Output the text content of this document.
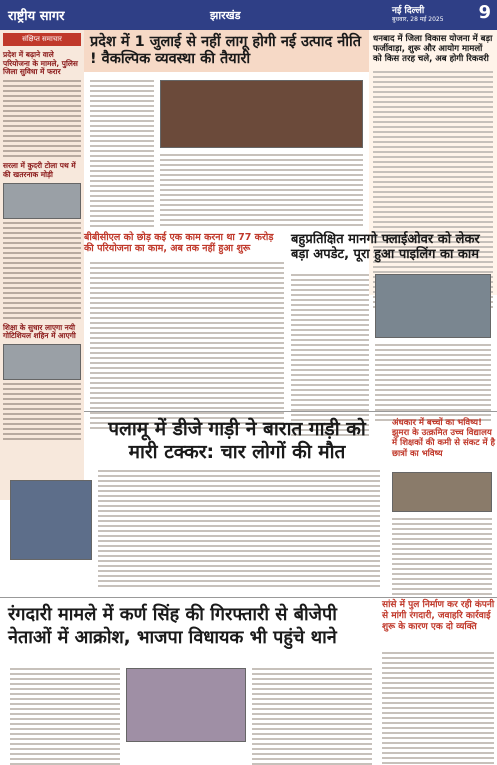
राष्ट्रीय सागर	झारखंड	नई दिल्ली
बुधवार, 28 मई 2025 9
संक्षिप्त समाचार
प्रदेश में बढ़ाने वाले परियोजना के मामले, पुलिस जिला सुविधा में फरार
सरला में कुदरी टोला पथ में की खतरनाक मोड़ी
शिक्षा के सुधार लाएगा नयी गोटिशियल शहिन में आएगी
प्रदेश में 1 जुलाई से नहीं लागू होगी नई उत्पाद नीति ! वैकल्पिक व्यवस्था की तैयारी
धनबाद में जिला विकास योजना में बड़ा फर्जीवाड़ा, शुरू और आयोग मामलों को किस तरह चले, अब होगी रिकवरी
बीबीसीएल को छोड़ कई एक काम करना था 77 करोड़ की परियोजना का काम, अब तक नहीं हुआ शुरू
बहुप्रतिक्षित मानगो फ्लाईओवर को लेकर बड़ा अपडेट, पूरा हुआ पाइलिंग का काम
पलामू में डीजे गाड़ी ने बारात गाड़ी को मारी टक्कर: चार लोगों की मौत
अंधकार में बच्चों का भविष्य! झुमरा के उत्क्रमित उच्च विद्यालय में शिक्षकों की कमी से संकट में है छात्रों का भविष्य
रंगदारी मामले में कर्ण सिंह की गिरफ्तारी से बीजेपी नेताओं में आक्रोश, भाजपा विधायक भी पहुंचे थाने
सांसे में पुल निर्माण कर रही कंपनी से मांगी रंगदारी, जवाहरि कार्रवाई शुरू के कारण एक दो व्यक्ति
